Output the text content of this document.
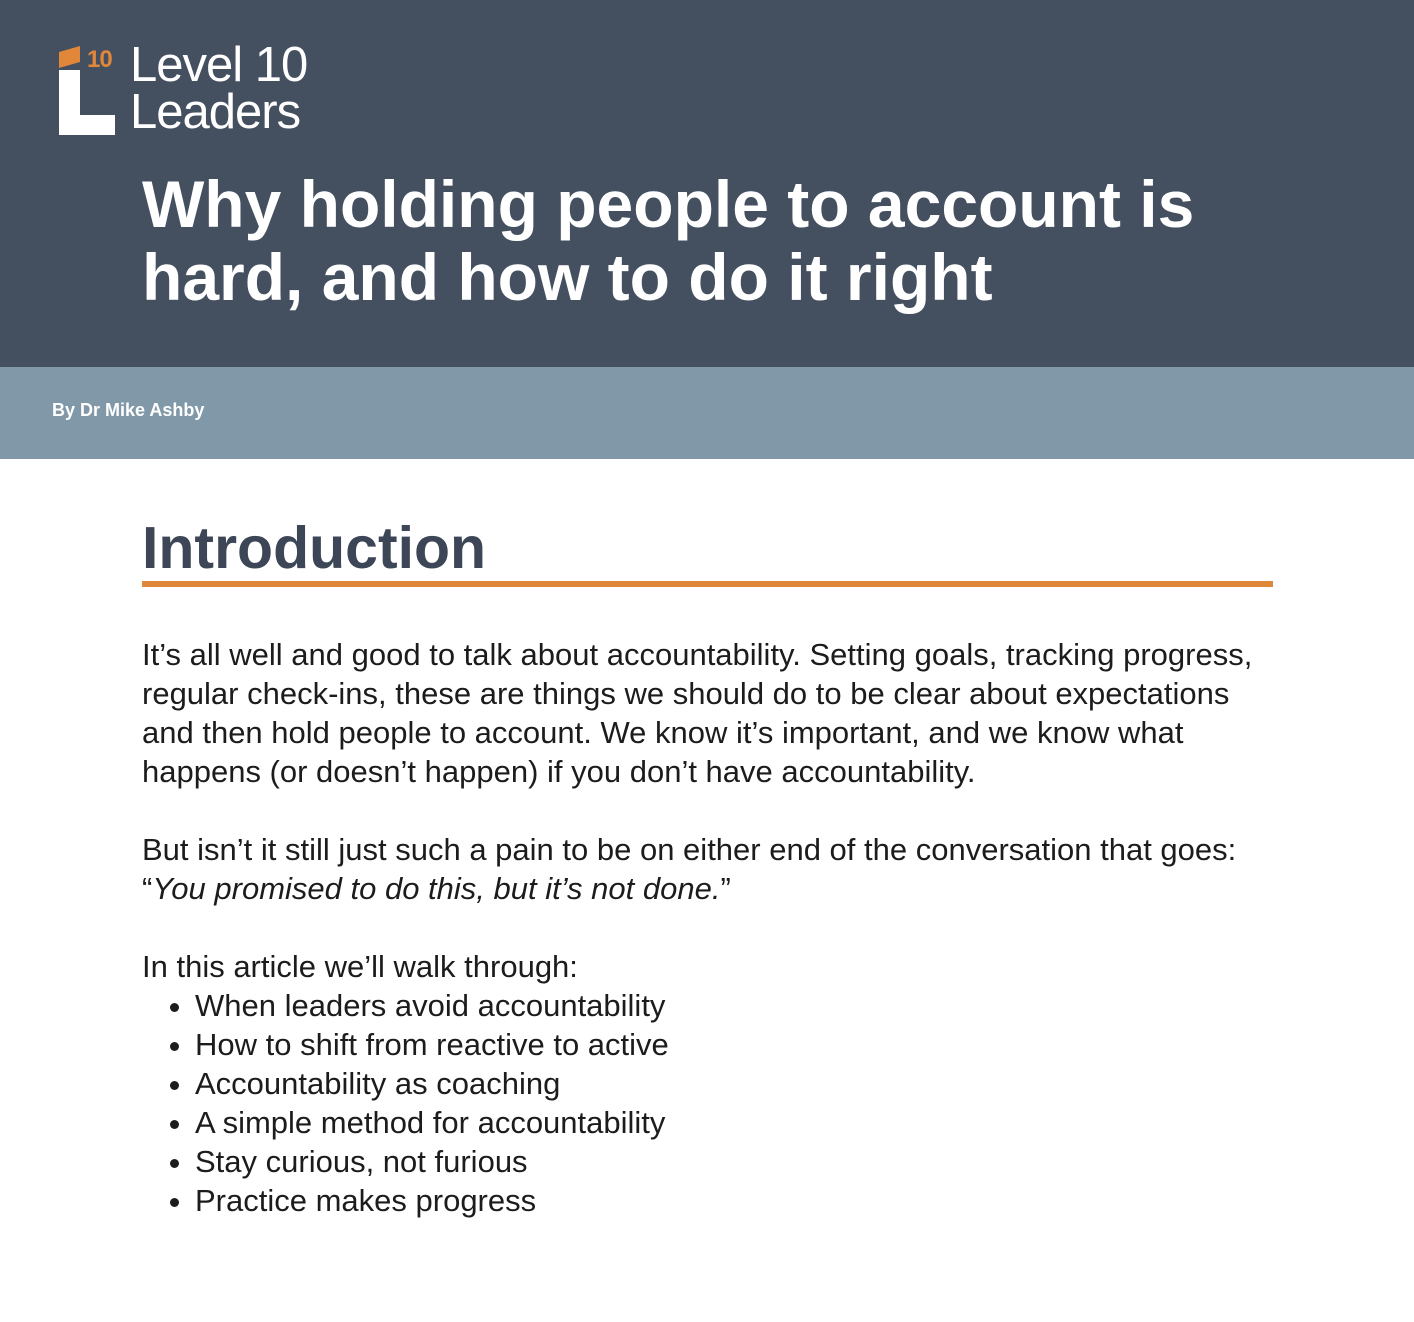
10 Level 10
Leaders
Why holding people to account is hard, and how to do it right
By Dr Mike Ashby
Introduction

It’s all well and good to talk about accountability. Setting goals, tracking progress, regular check-ins, these are things we should do to be clear about expectations and then hold people to account. We know it’s important, and we know what happens (or doesn’t happen) if you don’t have accountability.

But isn’t it still just such a pain to be on either end of the conversation that goes: “You promised to do this, but it’s not done.”

In this article we’ll walk through:

• When leaders avoid accountability
• How to shift from reactive to active
• Accountability as coaching
• A simple method for accountability
• Stay curious, not furious
• Practice makes progress
